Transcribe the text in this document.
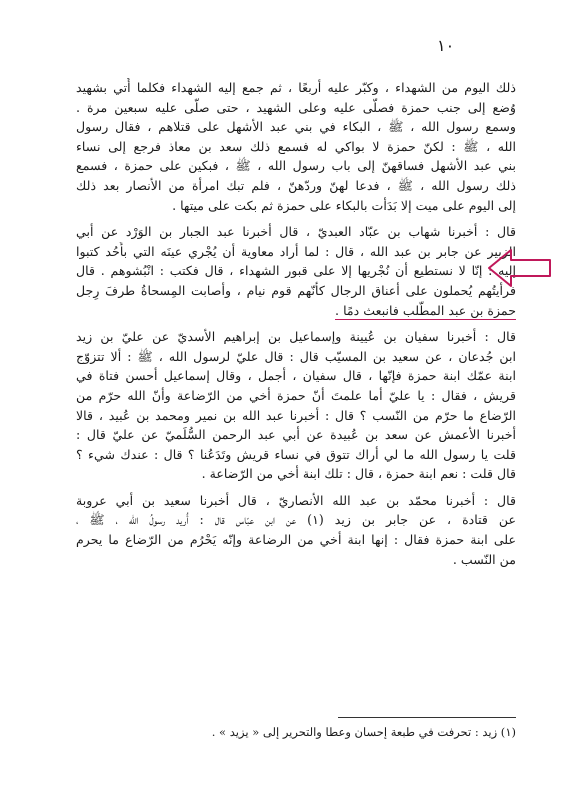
١٠
ذلك اليوم من الشهداء ، وكبّر عليه أربعًا ، ثم جمع إليه الشهداء فكلما أُتي بشهيد
وُضع إلى جنب حمزة فصلّى عليه وعلى الشهيد ، حتى صلّى عليه سبعين مرة .
وسمع رسول الله ، ﷺ ، البكاء في بني عبد الأشهل على قتلاهم ، فقال رسول
الله ، ﷺ : لكنّ حمزة لا بواكي له فسمع ذلك سعد بن معاذ فرجع إلى نساء
بني عبد الأشهل فساقهنّ إلى باب رسول الله ، ﷺ ، فبكين على حمزة ، فسمع
ذلك رسول الله ، ﷺ ، فدعا لهنّ وردّهنّ ، فلم تبك امرأة من الأنصار بعد ذلك
إلى اليوم على ميت إلا بَدَأت بالبكاء على حمزة ثم بكت على ميتها .
قال : أخبرنا شهاب بن عبّاد العبديّ ، قال أخبرنا عبد الجبار بن الوَرْد عن أبي
الزبير عن جابر بن عبد الله ، قال : لما أراد معاوية أن يُجْري عينَه التي بأُحُد كتبوا
إليه : إنّا لا نستطيع أن نُجْريها إلا على قبور الشهداء ، قال فكتب : انْبُشوهم . قال
فرأيتُهم يُحملون على أعناق الرجال كأنّهم قوم نيام ، وأصابت المِسحاةُ طرفَ رِجل
حمزة بن عبد المطّلب فانبعث دمًا .
قال : أخبرنا سفيان بن عُيينة وإسماعيل بن إبراهيم الأسديّ عن عليّ بن زيد
ابن جُدعان ، عن سعيد بن المسيّب قال : قال عليّ لرسول الله ، ﷺ : ألا تتزوّج
ابنة عمّك ابنة حمزة فإنّها ، قال سفيان ، أجمل ، وقال إسماعيل أحسن فتاة في
قريش ، فقال : يا عليّ أما علمتَ أنّ حمزة أخي من الرّضاعة وأنّ الله حرّم من
الرّضاع ما حرّم من النّسب ؟ قال : أخبرنا عبد الله بن نمير ومحمد بن عُبيد ، قالا
أخبرنا الأعمش عن سعد بن عُبيدة عن أبي عبد الرحمن السُّلَميّ عن عليّ قال :
قلت يا رسول الله ما لي أراك تتوق في نساء قريش وتَدَعُنا ؟ قال : عندك شيء ؟
قال قلت : نعم ابنة حمزة ، قال : تلك ابنة أخي من الرّضاعة .
قال : أخبرنا محمّد بن عبد الله الأنصاريّ ، قال أخبرنا سعيد بن أبي عروبة
عن قتادة ، عن جابر بن زيد (١) عن ابن عبّاس قال : أُريد رسولُ الله ، ﷺ ،
على ابنة حمزة فقال : إنها ابنة أخي من الرضاعة وإنّه يَحْرُم من الرّضاع ما يحرم
من النّسب .
(١) زيد : تحرفت في طبعة إحسان وعطا والتحرير إلى « يزيد » .
